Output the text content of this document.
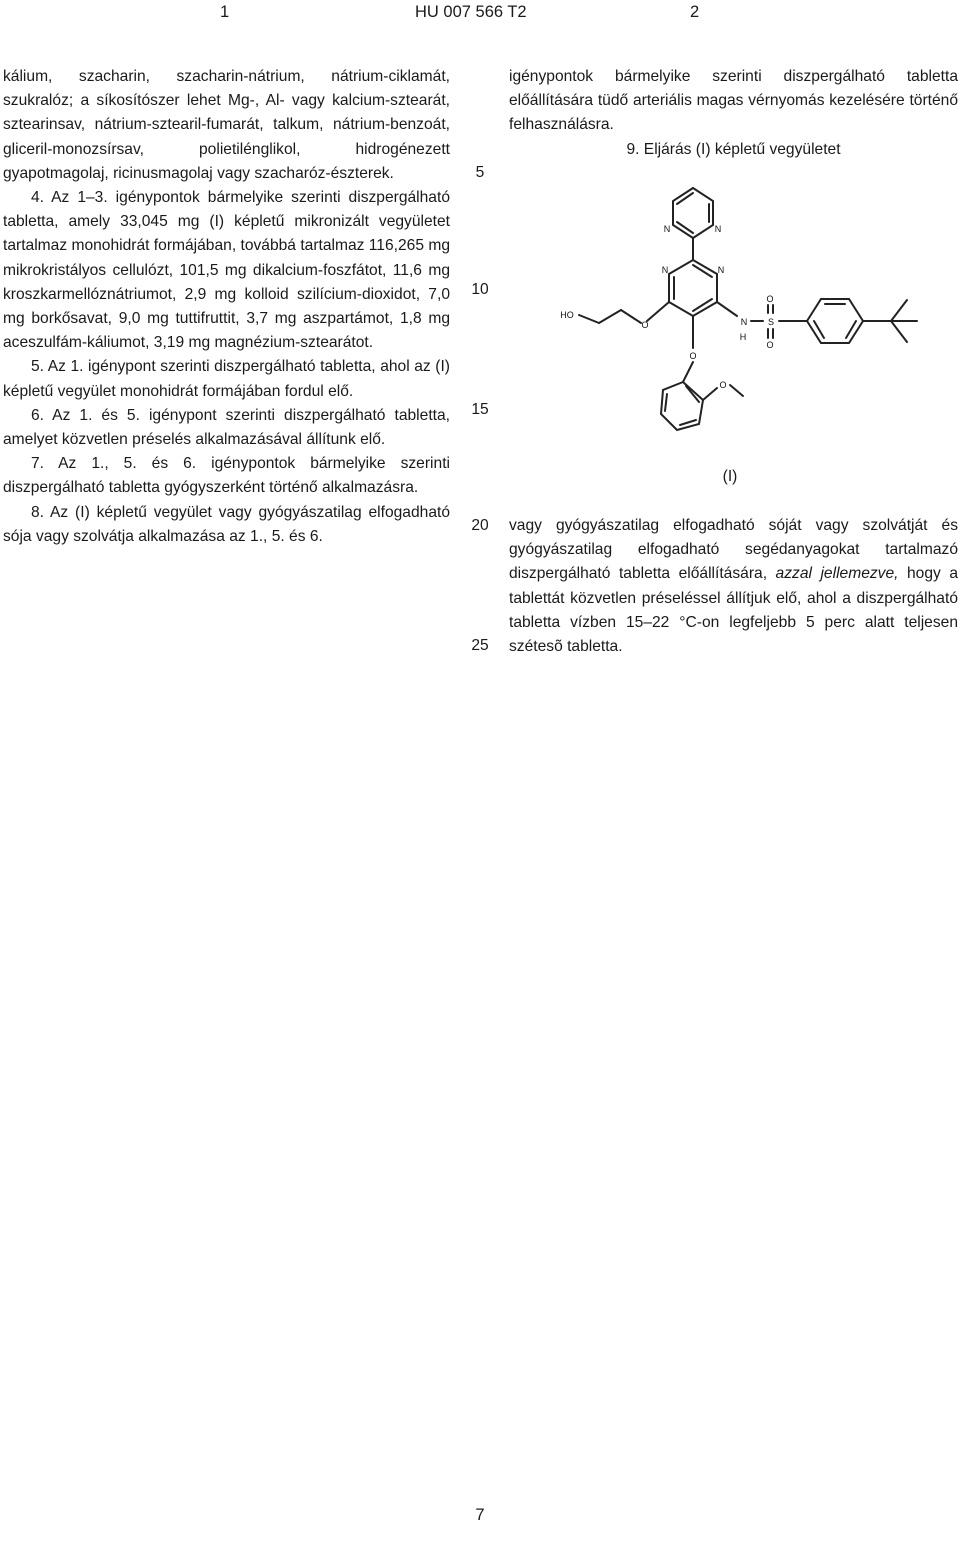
1	HU 007 566 T2	2

kálium, szacharin, szacharin-nátrium, nátrium-ciklamát, szukralóz; a síkosítószer lehet Mg-, Al- vagy kalcium-sztearát, sztearinsav, nátrium-sztearil-fumarát, talkum, nátrium-benzoát, gliceril-monozsírsav, polietilénglikol, hidrogénezett gyapotmagolaj, ricinusmagolaj vagy szacharóz-észterek.

4. Az 1–3. igénypontok bármelyike szerinti diszpergálható tabletta, amely 33,045 mg (I) képletű mikronizált vegyületet tartalmaz monohidrát formájában, továbbá tartalmaz 116,265 mg mikrokristályos cellulózt, 101,5 mg dikalcium-foszfátot, 11,6 mg kroszkarmellóznátriumot, 2,9 mg kolloid szilícium-dioxidot, 7,0 mg borkősavat, 9,0 mg tuttifruttit, 3,7 mg aszpartámot, 1,8 mg aceszulfám-káliumot, 3,19 mg magnézium-sztearátot.

5. Az 1. igénypont szerinti diszpergálható tabletta, ahol az (I) képletű vegyület monohidrát formájában fordul elő.

6. Az 1. és 5. igénypont szerinti diszpergálható tabletta, amelyet közvetlen préselés alkalmazásával állítunk elő.

7. Az 1., 5. és 6. igénypontok bármelyike szerinti diszpergálható tabletta gyógyszerként történő alkalmazásra.

8. Az (I) képletű vegyület vagy gyógyászatilag elfogadható sója vagy szolvátja alkalmazása az 1., 5. és 6.

5
10
15
20
25

igénypontok bármelyike szerinti diszpergálható tabletta előállítására tüdő arteriális magas vérnyomás kezelésére történő felhasználásra.

9. Eljárás (I) képletű vegyületet

N	N
N	N
O
HO
N
H
S
O
O
O
O
(I)

vagy gyógyászatilag elfogadható sóját vagy szolvátját és gyógyászatilag elfogadható segédanyagokat tartalmazó diszpergálható tabletta előállítására, azzal jellemezve, hogy a tablettát közvetlen préseléssel állítjuk elő, ahol a diszpergálható tabletta vízben 15–22 °C-on legfeljebb 5 perc alatt teljesen szétesõ tabletta.

7
